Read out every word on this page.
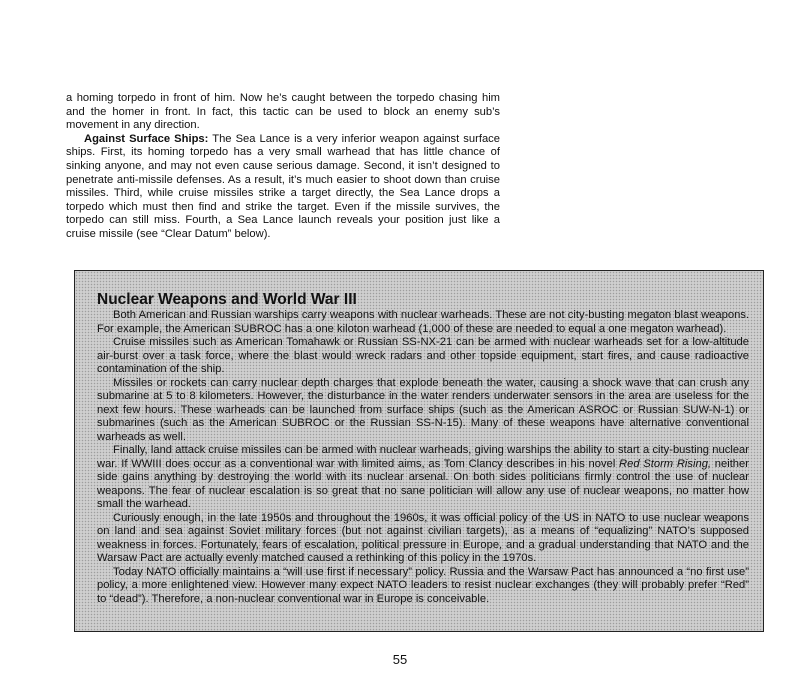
a homing torpedo in front of him. Now he’s caught between the torpedo chasing him and the homer in front. In fact, this tactic can be used to block an enemy sub’s movement in any direction.

Against Surface Ships: The Sea Lance is a very inferior weapon against surface ships. First, its homing torpedo has a very small warhead that has little chance of sinking anyone, and may not even cause serious damage. Second, it isn’t designed to penetrate anti-missile defenses. As a result, it’s much easier to shoot down than cruise missiles. Third, while cruise missiles strike a target directly, the Sea Lance drops a torpedo which must then find and strike the target. Even if the missile survives, the torpedo can still miss. Fourth, a Sea Lance launch reveals your position just like a cruise missile (see “Clear Datum” below).

Nuclear Weapons and World War III

Both American and Russian warships carry weapons with nuclear warheads. These are not city-busting megaton blast weapons. For example, the American SUBROC has a one kiloton warhead (1,000 of these are needed to equal a one megaton warhead).

Cruise missiles such as American Tomahawk or Russian SS-NX-21 can be armed with nuclear warheads set for a low-altitude air-burst over a task force, where the blast would wreck radars and other topside equipment, start fires, and cause radioactive contamination of the ship.

Missiles or rockets can carry nuclear depth charges that explode beneath the water, causing a shock wave that can crush any submarine at 5 to 8 kilometers. However, the disturbance in the water renders underwater sensors in the area are useless for the next few hours. These warheads can be launched from surface ships (such as the American ASROC or Russian SUW-N-1) or submarines (such as the American SUBROC or the Russian SS-N-15). Many of these weapons have alternative conventional warheads as well.

Finally, land attack cruise missiles can be armed with nuclear warheads, giving warships the ability to start a city-busting nuclear war. If WWIII does occur as a conventional war with limited aims, as Tom Clancy describes in his novel Red Storm Rising, neither side gains anything by destroying the world with its nuclear arsenal. On both sides politicians firmly control the use of nuclear weapons. The fear of nuclear escalation is so great that no sane politician will allow any use of nuclear weapons, no matter how small the warhead.

Curiously enough, in the late 1950s and throughout the 1960s, it was official policy of the US in NATO to use nuclear weapons on land and sea against Soviet military forces (but not against civilian targets), as a means of “equalizing” NATO’s supposed weakness in forces. Fortunately, fears of escalation, political pressure in Europe, and a gradual understanding that NATO and the Warsaw Pact are actually evenly matched caused a rethinking of this policy in the 1970s.

Today NATO officially maintains a “will use first if necessary” policy. Russia and the Warsaw Pact has announced a “no first use” policy, a more enlightened view. However many expect NATO leaders to resist nuclear exchanges (they will probably prefer “Red” to “dead”). Therefore, a non-nuclear conventional war in Europe is conceivable.

55
